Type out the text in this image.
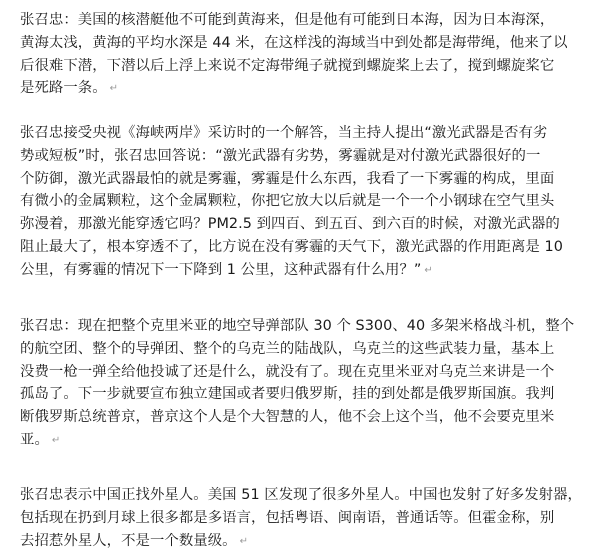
张召忠：美国的核潜艇他不可能到黄海来，但是他有可能到日本海，因为日本海深，
黄海太浅，黄海的平均水深是 44 米，在这样浅的海域当中到处都是海带绳，他来了以
后很难下潜，下潜以后上浮上来说不定海带绳子就搅到螺旋桨上去了，搅到螺旋桨它
是死路一条。 ↵

张召忠接受央视《海峡两岸》采访时的一个解答，当主持人提出“激光武器是否有劣
势或短板”时，张召忠回答说：“激光武器有劣势，雾霾就是对付激光武器很好的一
个防御，激光武器最怕的就是雾霾，雾霾是什么东西，我看了一下雾霾的构成，里面
有微小的金属颗粒，这个金属颗粒，你把它放大以后就是一个一个小钢球在空气里头
弥漫着，那激光能穿透它吗？PM2.5 到四百、到五百、到六百的时候，对激光武器的
阻止最大了，根本穿透不了，比方说在没有雾霾的天气下，激光武器的作用距离是 10
公里，有雾霾的情况下一下降到 1 公里，这种武器有什么用？” ↵

张召忠：现在把整个克里米亚的地空导弹部队 30 个 S300、40 多架米格战斗机，整个
的航空团、整个的导弹团、整个的乌克兰的陆战队，乌克兰的这些武装力量，基本上
没费一枪一弹全给他投诚了还是什么，就没有了。现在克里米亚对乌克兰来讲是一个
孤岛了。下一步就要宣布独立建国或者要归俄罗斯，挂的到处都是俄罗斯国旗。我判
断俄罗斯总统普京，普京这个人是个大智慧的人，他不会上这个当，他不会要克里米
亚。 ↵

张召忠表示中国正找外星人。美国 51 区发现了很多外星人。中国也发射了好多发射器，
包括现在扔到月球上很多都是多语言，包括粤语、闽南语，普通话等。但霍金称，别
去招惹外星人，不是一个数量级。 ↵
